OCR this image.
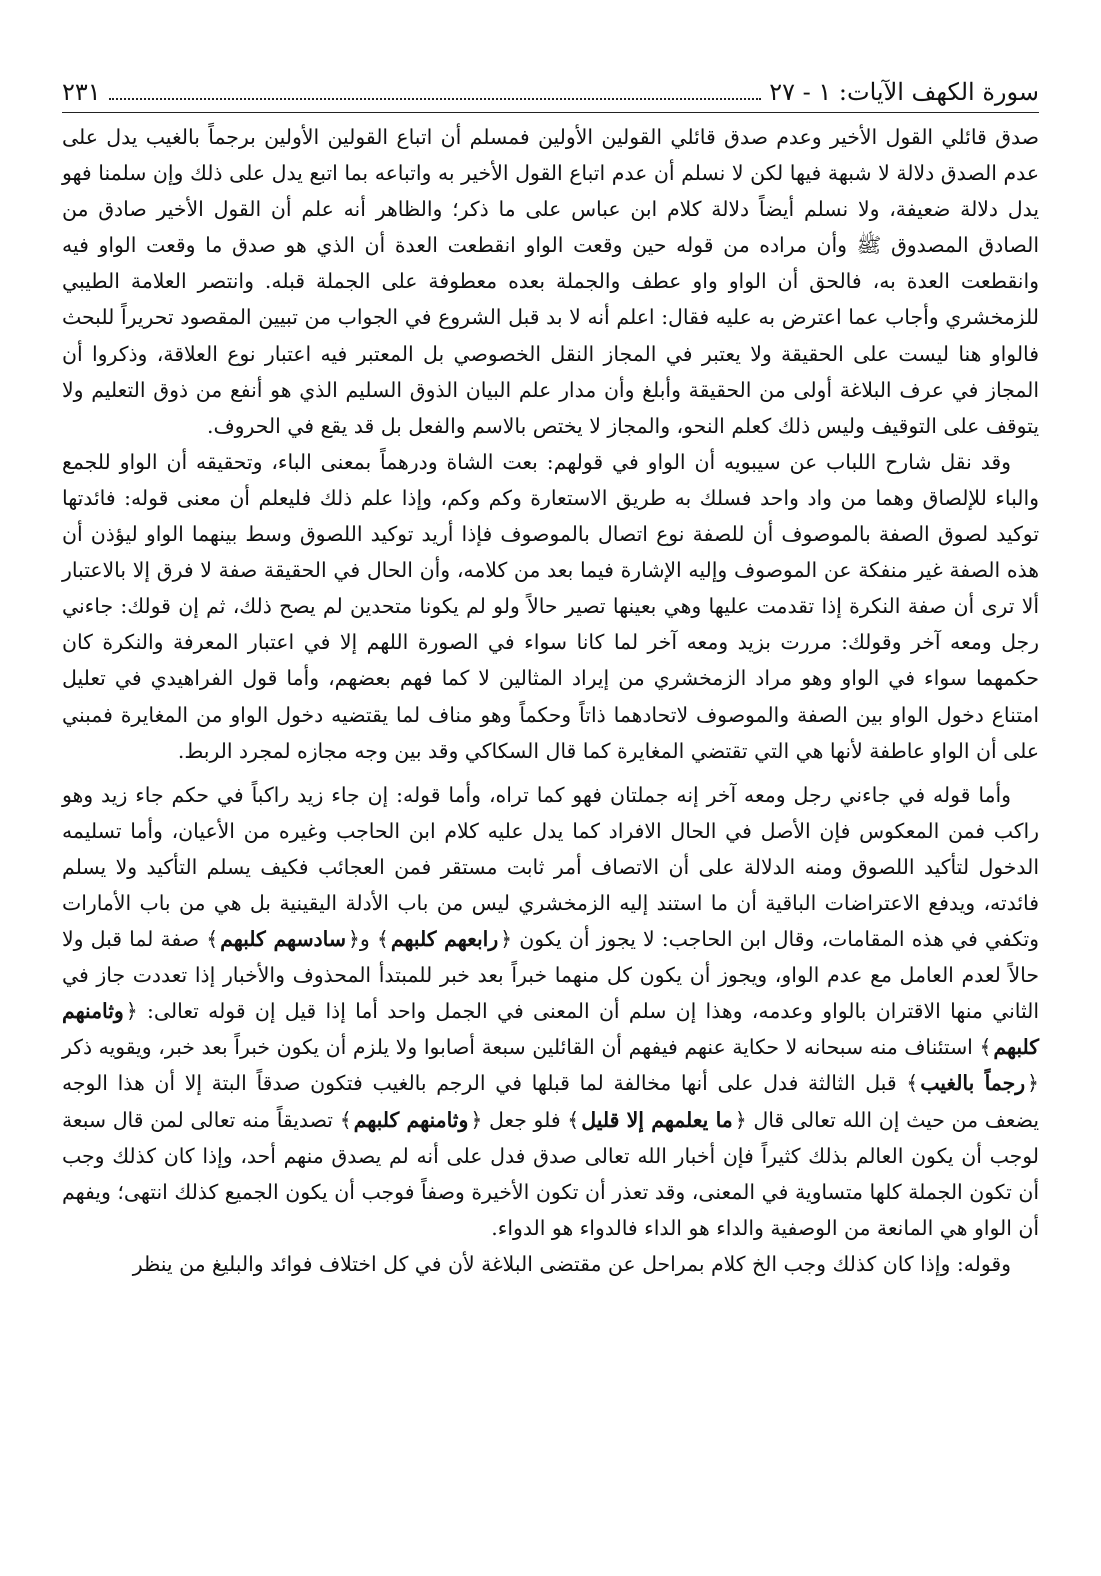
سورة الكهف الآيات: ١ - ٢٧
٢٣١

صدق قائلي القول الأخير وعدم صدق قائلي القولين الأولين فمسلم أن اتباع القولين الأولين برجماً بالغيب يدل على عدم الصدق دلالة لا شبهة فيها لكن لا نسلم أن عدم اتباع القول الأخير به واتباعه بما اتبع يدل على ذلك وإن سلمنا فهو يدل دلالة ضعيفة، ولا نسلم أيضاً دلالة كلام ابن عباس على ما ذكر؛ والظاهر أنه علم أن القول الأخير صادق من الصادق المصدوق ﷺ وأن مراده من قوله حين وقعت الواو انقطعت العدة أن الذي هو صدق ما وقعت الواو فيه وانقطعت العدة به، فالحق أن الواو واو عطف والجملة بعده معطوفة على الجملة قبله. وانتصر العلامة الطيبي للزمخشري وأجاب عما اعترض به عليه فقال: اعلم أنه لا بد قبل الشروع في الجواب من تبيين المقصود تحريراً للبحث فالواو هنا ليست على الحقيقة ولا يعتبر في المجاز النقل الخصوصي بل المعتبر فيه اعتبار نوع العلاقة، وذكروا أن المجاز في عرف البلاغة أولى من الحقيقة وأبلغ وأن مدار علم البيان الذوق السليم الذي هو أنفع من ذوق التعليم ولا يتوقف على التوقيف وليس ذلك كعلم النحو، والمجاز لا يختص بالاسم والفعل بل قد يقع في الحروف.

وقد نقل شارح اللباب عن سيبويه أن الواو في قولهم: بعت الشاة ودرهماً بمعنى الباء، وتحقيقه أن الواو للجمع والباء للإلصاق وهما من واد واحد فسلك به طريق الاستعارة وكم وكم، وإذا علم ذلك فليعلم أن معنى قوله: فائدتها توكيد لصوق الصفة بالموصوف أن للصفة نوع اتصال بالموصوف فإذا أريد توكيد اللصوق وسط بينهما الواو ليؤذن أن هذه الصفة غير منفكة عن الموصوف وإليه الإشارة فيما بعد من كلامه، وأن الحال في الحقيقة صفة لا فرق إلا بالاعتبار ألا ترى أن صفة النكرة إذا تقدمت عليها وهي بعينها تصير حالاً ولو لم يكونا متحدين لم يصح ذلك، ثم إن قولك: جاءني رجل ومعه آخر وقولك: مررت بزيد ومعه آخر لما كانا سواء في الصورة اللهم إلا في اعتبار المعرفة والنكرة كان حكمهما سواء في الواو وهو مراد الزمخشري من إيراد المثالين لا كما فهم بعضهم، وأما قول الفراهيدي في تعليل امتناع دخول الواو بين الصفة والموصوف لاتحادهما ذاتاً وحكماً وهو مناف لما يقتضيه دخول الواو من المغايرة فمبني على أن الواو عاطفة لأنها هي التي تقتضي المغايرة كما قال السكاكي وقد بين وجه مجازه لمجرد الربط.

وأما قوله في جاءني رجل ومعه آخر إنه جملتان فهو كما تراه، وأما قوله: إن جاء زيد راكباً في حكم جاء زيد وهو راكب فمن المعكوس فإن الأصل في الحال الافراد كما يدل عليه كلام ابن الحاجب وغيره من الأعيان، وأما تسليمه الدخول لتأكيد اللصوق ومنه الدلالة على أن الاتصاف أمر ثابت مستقر فمن العجائب فكيف يسلم التأكيد ولا يسلم فائدته، ويدفع الاعتراضات الباقية أن ما استند إليه الزمخشري ليس من باب الأدلة اليقينية بل هي من باب الأمارات وتكفي في هذه المقامات، وقال ابن الحاجب: لا يجوز أن يكون ﴿ رابعهم كلبهم ﴾ و﴿ سادسهم كلبهم ﴾ صفة لما قبل ولا حالاً لعدم العامل مع عدم الواو، ويجوز أن يكون كل منهما خبراً بعد خبر للمبتدأ المحذوف والأخبار إذا تعددت جاز في الثاني منها الاقتران بالواو وعدمه، وهذا إن سلم أن المعنى في الجمل واحد أما إذا قيل إن قوله تعالى: ﴿ وثامنهم كلبهم ﴾ استئناف منه سبحانه لا حكاية عنهم فيفهم أن القائلين سبعة أصابوا ولا يلزم أن يكون خبراً بعد خبر، ويقويه ذكر ﴿ رجماً بالغيب ﴾ قبل الثالثة فدل على أنها مخالفة لما قبلها في الرجم بالغيب فتكون صدقاً البتة إلا أن هذا الوجه يضعف من حيث إن الله تعالى قال ﴿ ما يعلمهم إلا قليل ﴾ فلو جعل ﴿ وثامنهم كلبهم ﴾ تصديقاً منه تعالى لمن قال سبعة لوجب أن يكون العالم بذلك كثيراً فإن أخبار الله تعالى صدق فدل على أنه لم يصدق منهم أحد، وإذا كان كذلك وجب أن تكون الجملة كلها متساوية في المعنى، وقد تعذر أن تكون الأخيرة وصفاً فوجب أن يكون الجميع كذلك انتهى؛ ويفهم أن الواو هي المانعة من الوصفية والداء هو الداء فالدواء هو الدواء.

وقوله: وإذا كان كذلك وجب الخ كلام بمراحل عن مقتضى البلاغة لأن في كل اختلاف فوائد والبليغ من ينظر
